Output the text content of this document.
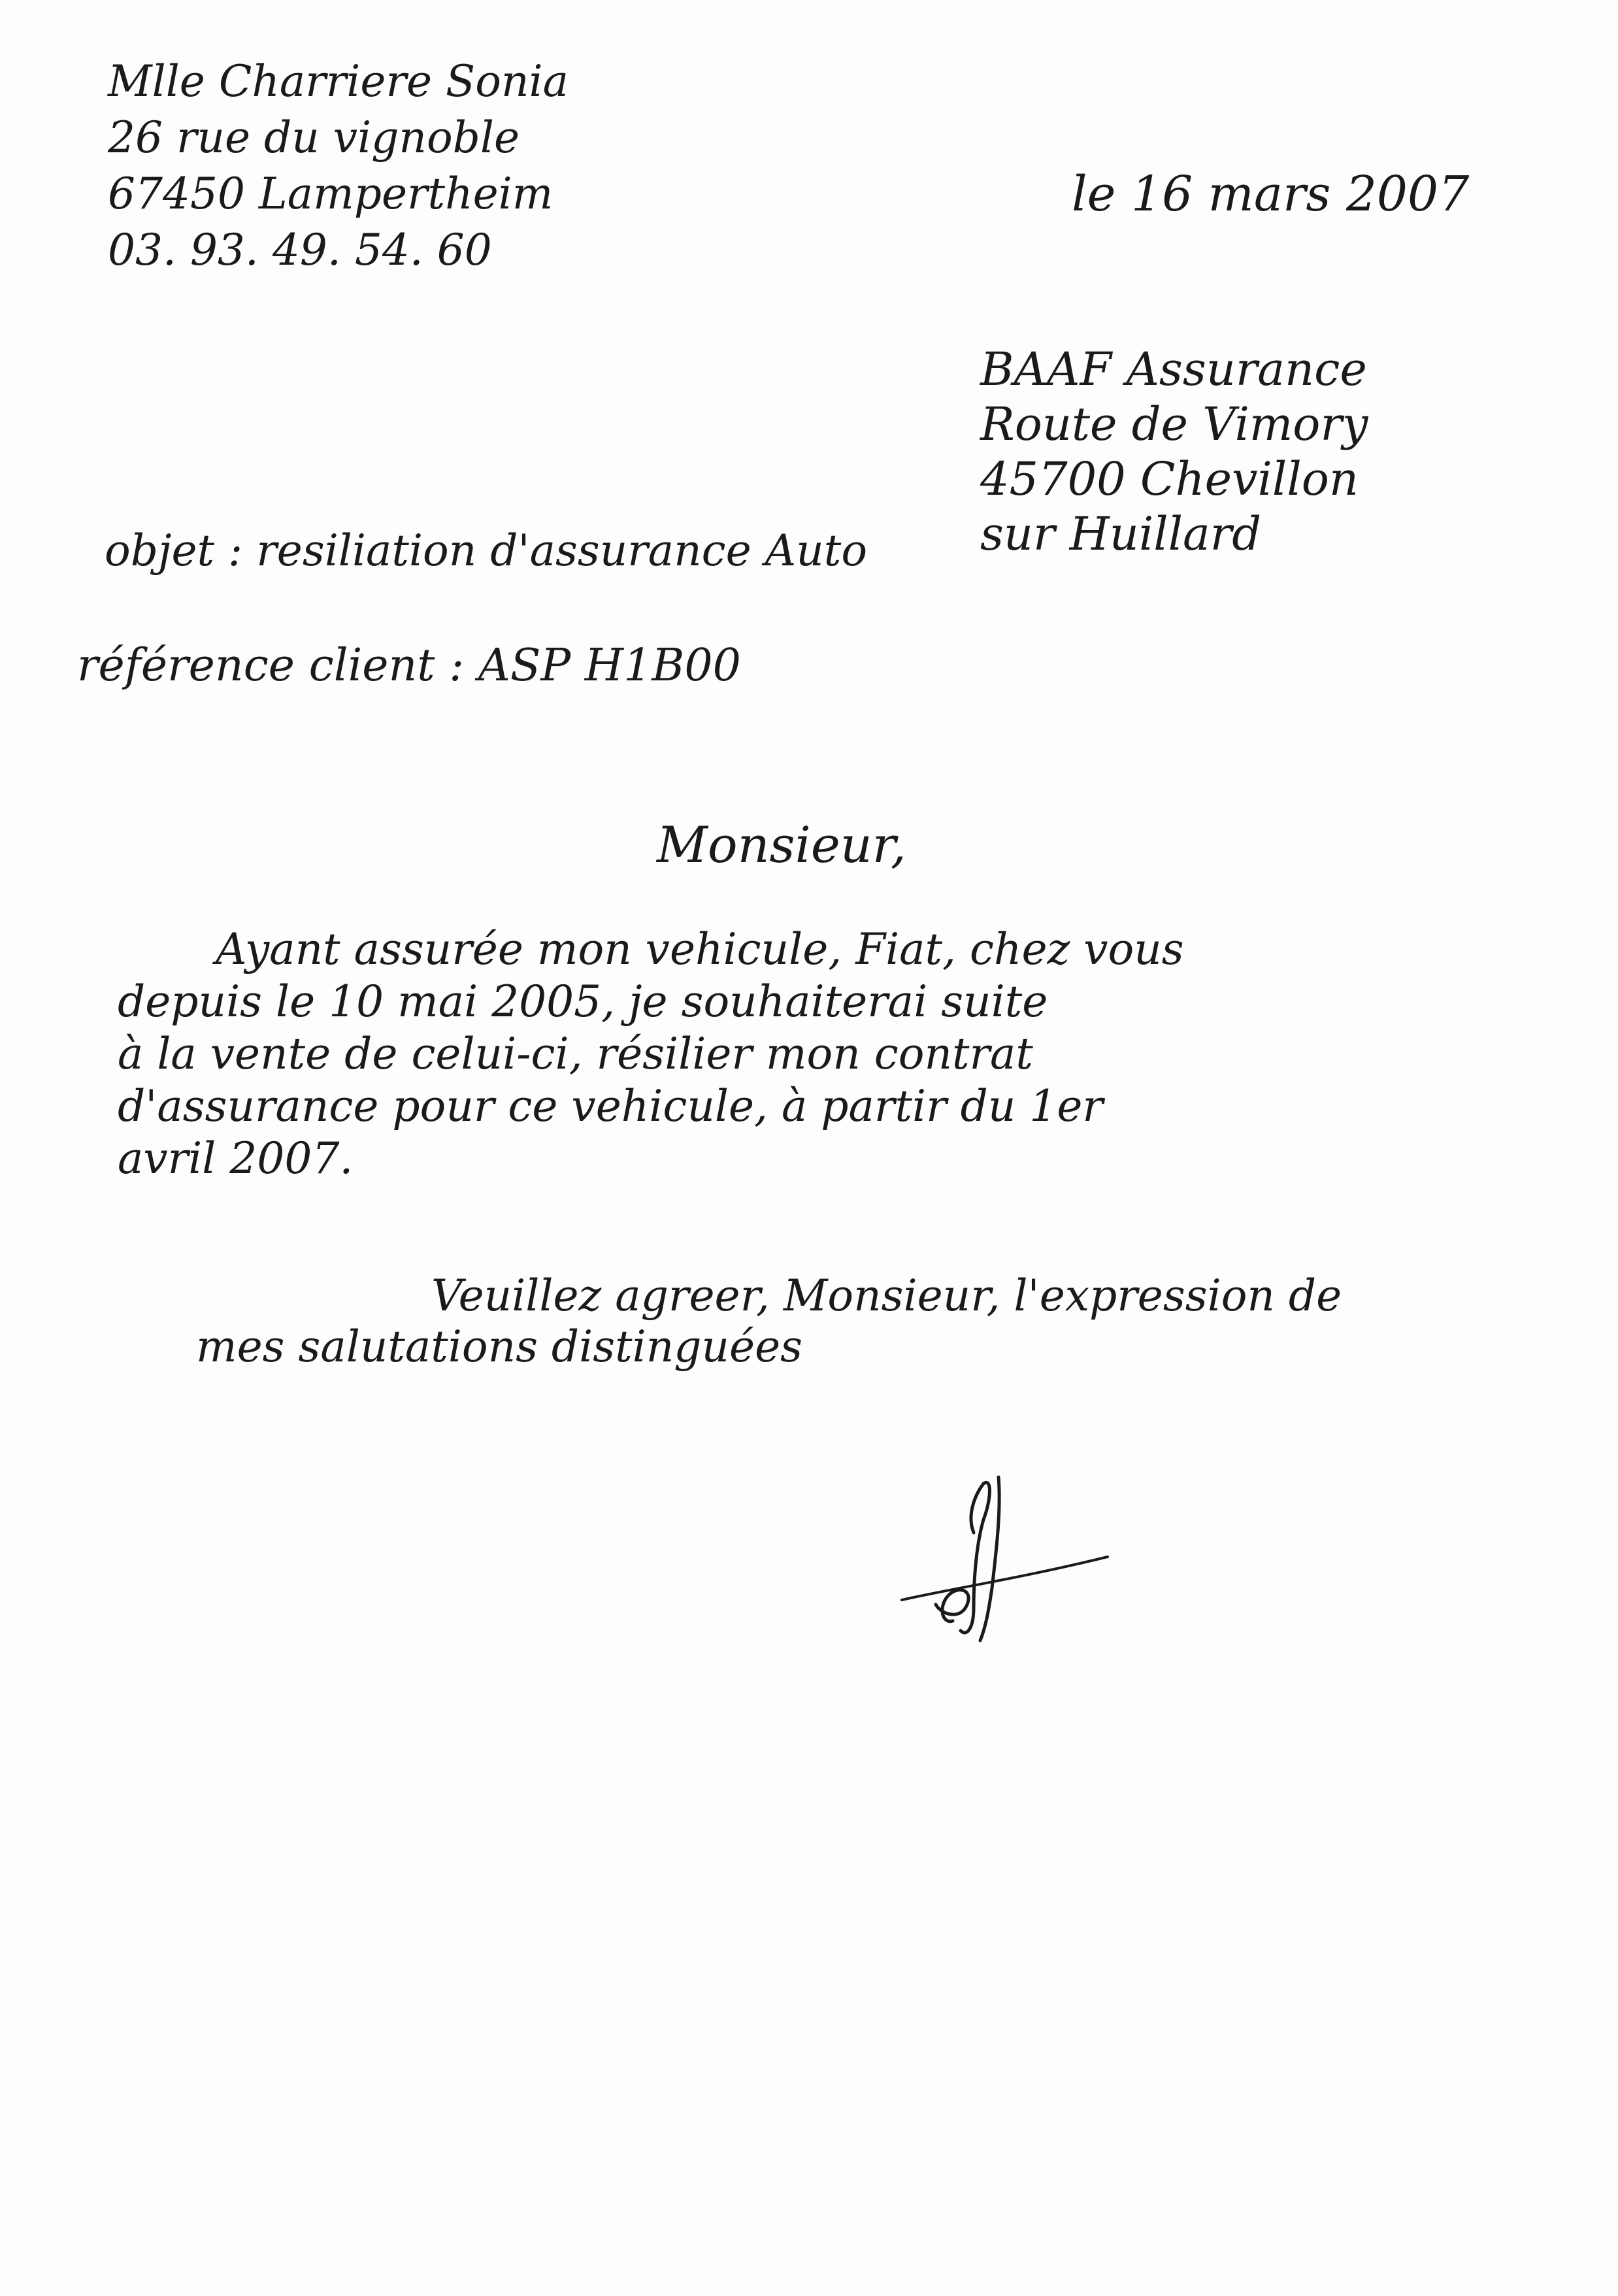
Mlle Charriere Sonia
26 rue du vignoble
67450 Lampertheim
03. 93. 49. 54. 60
le 16 mars 2007
BAAF Assurance
Route de Vimory
45700 Chevillon
sur Huillard
objet : resiliation d'assurance Auto
référence client : ASP H1B00
Monsieur,
Ayant assurée mon vehicule, Fiat, chez vous
depuis le 10 mai 2005, je souhaiterai suite
à la vente de celui-ci, résilier mon contrat
d'assurance pour ce vehicule, à partir du 1er
avril 2007.
Veuillez agreer, Monsieur, l'expression de
mes salutations distinguées
